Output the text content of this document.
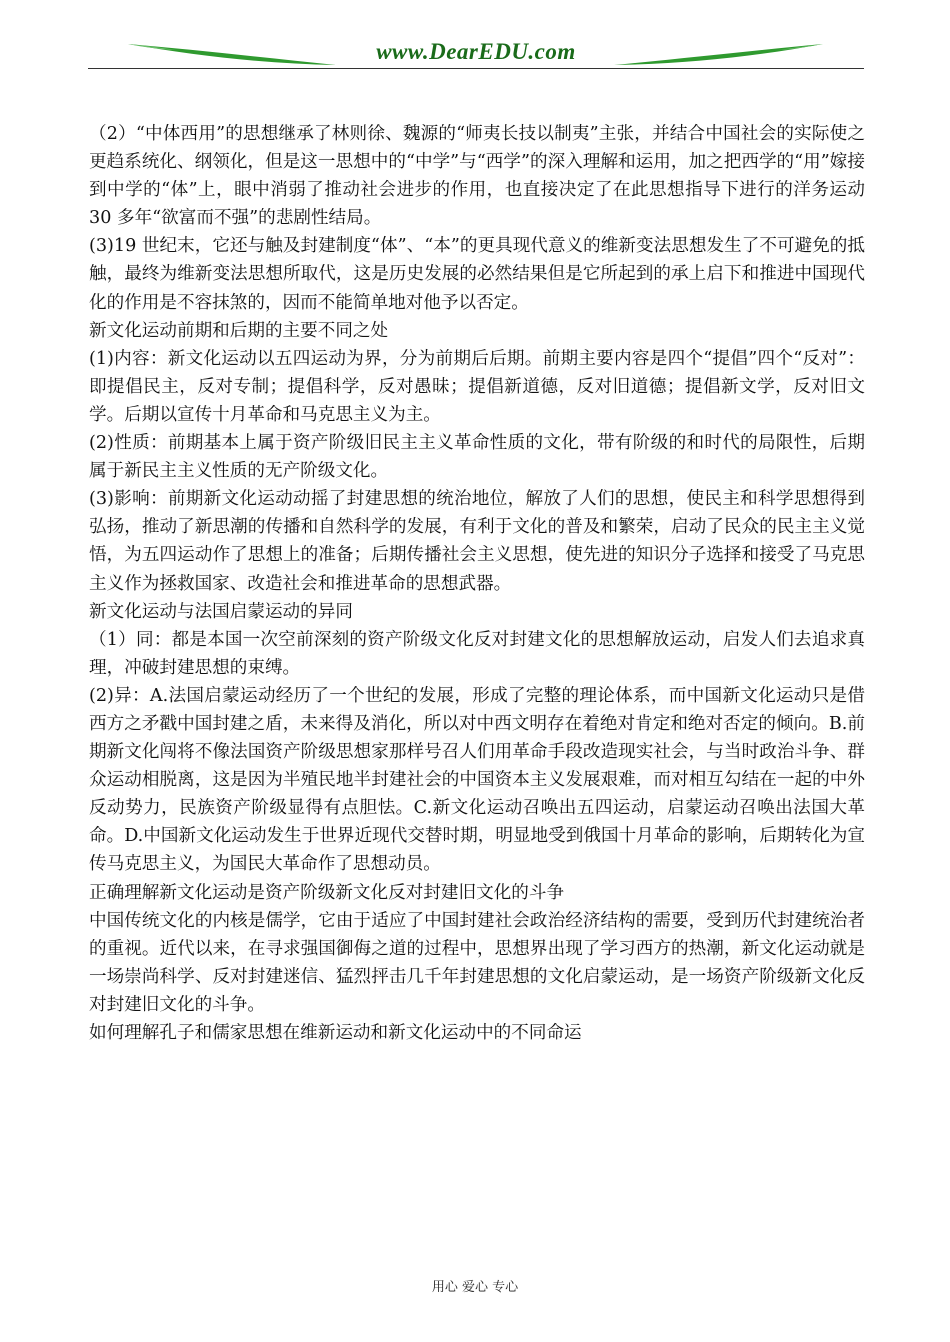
www.DearEDU.com

（2）“中体西用”的思想继承了林则徐、魏源的“师夷长技以制夷”主张，并结合中国社会的实际使之更趋系统化、纲领化，但是这一思想中的“中学”与“西学”的深入理解和运用，加之把西学的“用”嫁接到中学的“体”上，眼中消弱了推动社会进步的作用，也直接决定了在此思想指导下进行的洋务运动 30 多年“欲富而不强”的悲剧性结局。

(3)19 世纪末，它还与触及封建制度“体”、“本”的更具现代意义的维新变法思想发生了不可避免的抵触，最终为维新变法思想所取代，这是历史发展的必然结果但是它所起到的承上启下和推进中国现代化的作用是不容抹煞的，因而不能简单地对他予以否定。

新文化运动前期和后期的主要不同之处

(1)内容：新文化运动以五四运动为界，分为前期后后期。前期主要内容是四个“提倡”四个“反对”：即提倡民主，反对专制；提倡科学，反对愚昧；提倡新道德，反对旧道德；提倡新文学，反对旧文学。后期以宣传十月革命和马克思主义为主。

(2)性质：前期基本上属于资产阶级旧民主主义革命性质的文化，带有阶级的和时代的局限性，后期属于新民主主义性质的无产阶级文化。

(3)影响：前期新文化运动动摇了封建思想的统治地位，解放了人们的思想，使民主和科学思想得到弘扬，推动了新思潮的传播和自然科学的发展，有利于文化的普及和繁荣，启动了民众的民主主义觉悟，为五四运动作了思想上的准备；后期传播社会主义思想，使先进的知识分子选择和接受了马克思主义作为拯救国家、改造社会和推进革命的思想武器。

新文化运动与法国启蒙运动的异同

（1）同：都是本国一次空前深刻的资产阶级文化反对封建文化的思想解放运动，启发人们去追求真理，冲破封建思想的束缚。

(2)异：A.法国启蒙运动经历了一个世纪的发展，形成了完整的理论体系，而中国新文化运动只是借西方之矛戳中国封建之盾，未来得及消化，所以对中西文明存在着绝对肯定和绝对否定的倾向。B.前期新文化闯将不像法国资产阶级思想家那样号召人们用革命手段改造现实社会，与当时政治斗争、群众运动相脱离，这是因为半殖民地半封建社会的中国资本主义发展艰难，而对相互勾结在一起的中外反动势力，民族资产阶级显得有点胆怯。C.新文化运动召唤出五四运动，启蒙运动召唤出法国大革命。D.中国新文化运动发生于世界近现代交替时期，明显地受到俄国十月革命的影响，后期转化为宣传马克思主义，为国民大革命作了思想动员。

正确理解新文化运动是资产阶级新文化反对封建旧文化的斗争

中国传统文化的内核是儒学，它由于适应了中国封建社会政治经济结构的需要，受到历代封建统治者的重视。近代以来，在寻求强国御侮之道的过程中，思想界出现了学习西方的热潮，新文化运动就是一场崇尚科学、反对封建迷信、猛烈抨击几千年封建思想的文化启蒙运动，是一场资产阶级新文化反对封建旧文化的斗争。

如何理解孔子和儒家思想在维新运动和新文化运动中的不同命运

用心 爱心 专心
